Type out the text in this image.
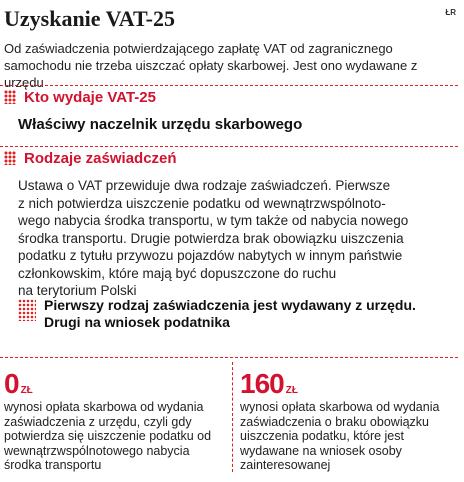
Uzyskanie VAT-25	ŁR
Od zaświadczenia potwierdzającego zapłatę VAT od zagranicznego samochodu nie trzeba uiszczać opłaty skarbowej. Jest ono wydawane z urzędu
Kto wydaje VAT-25
Właściwy naczelnik urzędu skarbowego
Rodzaje zaświadczeń
Ustawa o VAT przewiduje dwa rodzaje zaświadczeń. Pierwsze
z nich potwierdza uiszczenie podatku od wewnątrzwspólnoto-
wego nabycia środka transportu, w tym także od nabycia nowego
środka transportu. Drugie potwierdza brak obowiązku uiszczenia
podatku z tytułu przywozu pojazdów nabytych w innym państwie
członkowskim, które mają być dopuszczone do ruchu
na terytorium Polski
Pierwszy rodzaj zaświadczenia jest wydawany z urzędu. Drugi na wniosek podatnika
0 ZŁ
wynosi opłata skarbowa od wydania zaświadczenia z urzędu, czyli gdy potwierdza się uiszczenie podatku od wewnątrzwspólnotowego nabycia środka transportu
160 ZŁ
wynosi opłata skarbowa od wydania zaświadczenia o braku obowiązku uiszczenia podatku, które jest wydawane na wniosek osoby zainteresowanej
